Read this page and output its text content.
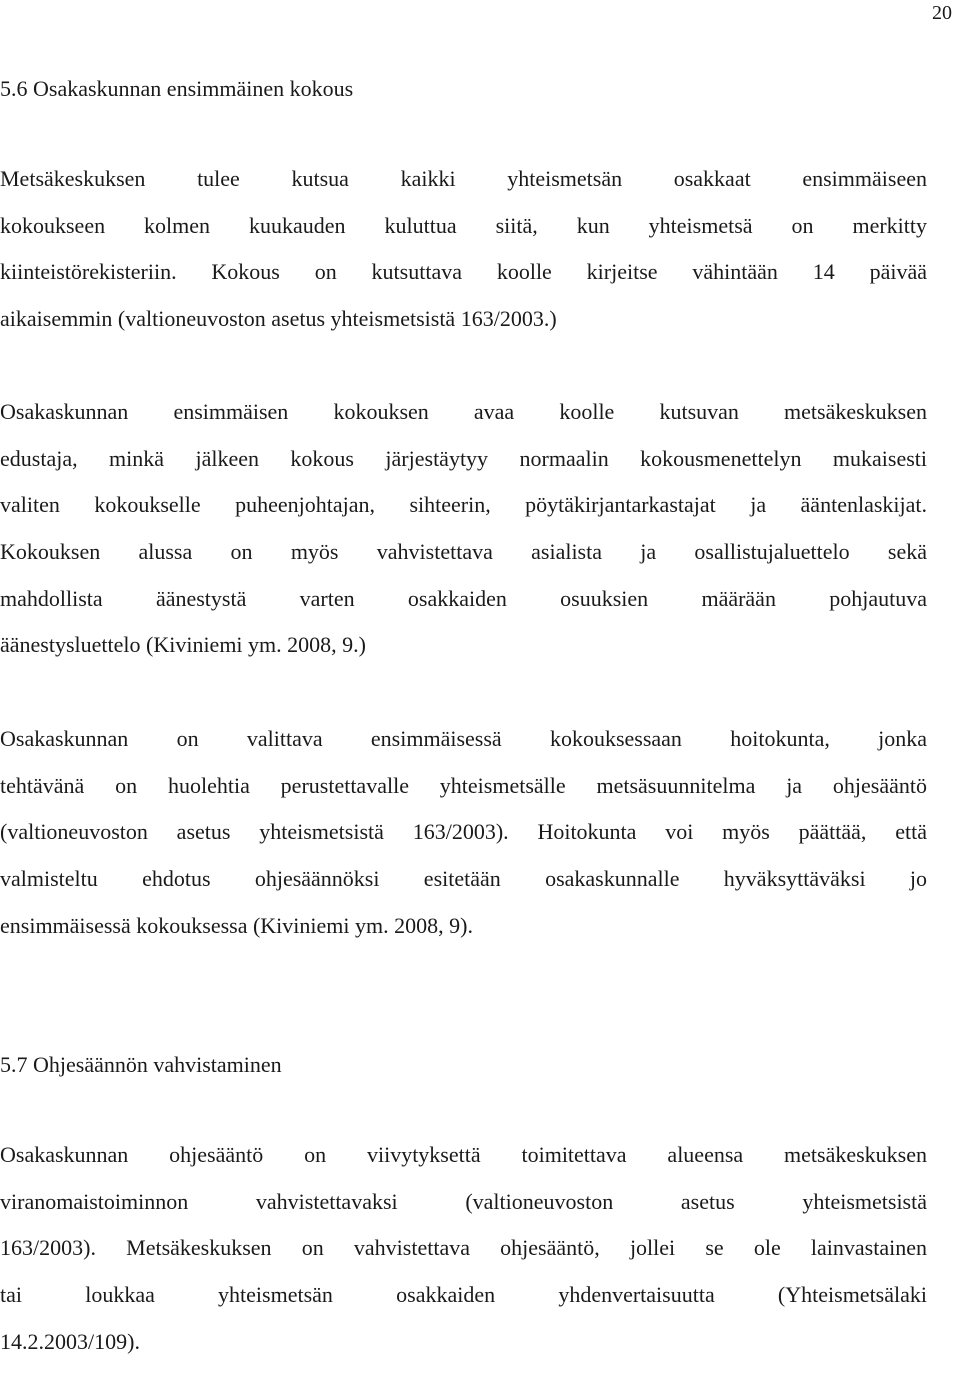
20
5.6 Osakaskunnan ensimmäinen kokous
Metsäkeskuksen tulee kutsua kaikki yhteismetsän osakkaat ensimmäiseen
kokoukseen kolmen kuukauden kuluttua siitä, kun yhteismetsä on merkitty
kiinteistörekisteriin. Kokous on kutsuttava koolle kirjeitse vähintään 14 päivää
aikaisemmin (valtioneuvoston asetus yhteismetsistä 163/2003.)
Osakaskunnan ensimmäisen kokouksen avaa koolle kutsuvan metsäkeskuksen
edustaja, minkä jälkeen kokous järjestäytyy normaalin kokousmenettelyn mukaisesti
valiten kokoukselle puheenjohtajan, sihteerin, pöytäkirjantarkastajat ja ääntenlaskijat.
Kokouksen alussa on myös vahvistettava asialista ja osallistujaluettelo sekä
mahdollista äänestystä varten osakkaiden osuuksien määrään pohjautuva
äänestysluettelo (Kiviniemi ym. 2008, 9.)
Osakaskunnan on valittava ensimmäisessä kokouksessaan hoitokunta, jonka
tehtävänä on huolehtia perustettavalle yhteismetsälle metsäsuunnitelma ja ohjesääntö
(valtioneuvoston asetus yhteismetsistä 163/2003). Hoitokunta voi myös päättää, että
valmisteltu ehdotus ohjesäännöksi esitetään osakaskunnalle hyväksyttäväksi jo
ensimmäisessä kokouksessa (Kiviniemi ym. 2008, 9).
5.7 Ohjesäännön vahvistaminen
Osakaskunnan ohjesääntö on viivytyksettä toimitettava alueensa metsäkeskuksen
viranomaistoiminnon vahvistettavaksi (valtioneuvoston asetus yhteismetsistä
163/2003). Metsäkeskuksen on vahvistettava ohjesääntö, jollei se ole lainvastainen
tai loukkaa yhteismetsän osakkaiden yhdenvertaisuutta (Yhteismetsälaki
14.2.2003/109).
